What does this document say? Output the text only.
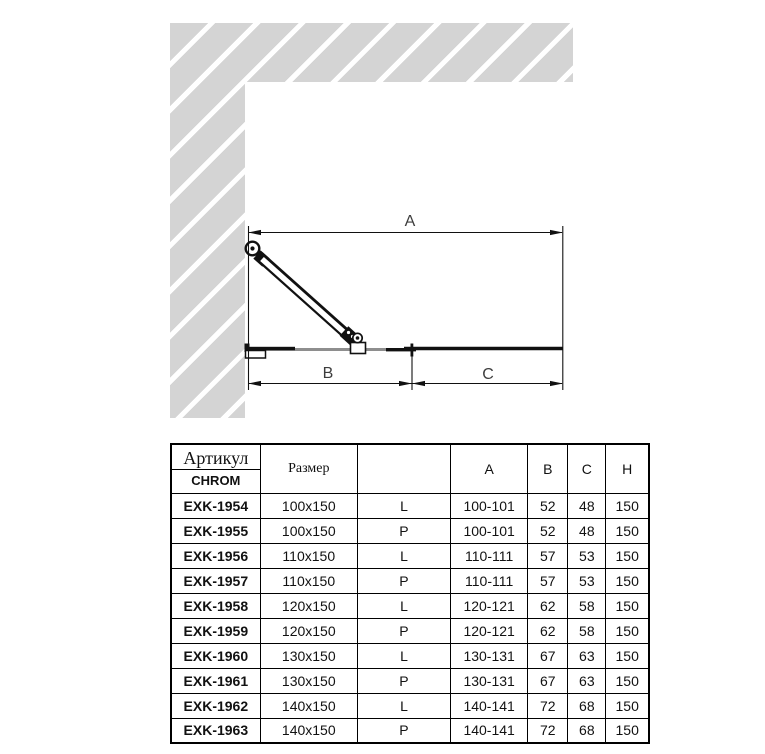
A
B	C
Артикул
CHROM	Размер		A	B	C	H
EXK-1954	100x150	L	100-101	52	48	150
EXK-1955	100x150	P	100-101	52	48	150
EXK-1956	110x150	L	110-111	57	53	150
EXK-1957	110x150	P	110-111	57	53	150
EXK-1958	120x150	L	120-121	62	58	150
EXK-1959	120x150	P	120-121	62	58	150
EXK-1960	130x150	L	130-131	67	63	150
EXK-1961	130x150	P	130-131	67	63	150
EXK-1962	140x150	L	140-141	72	68	150
EXK-1963	140x150	P	140-141	72	68	150
